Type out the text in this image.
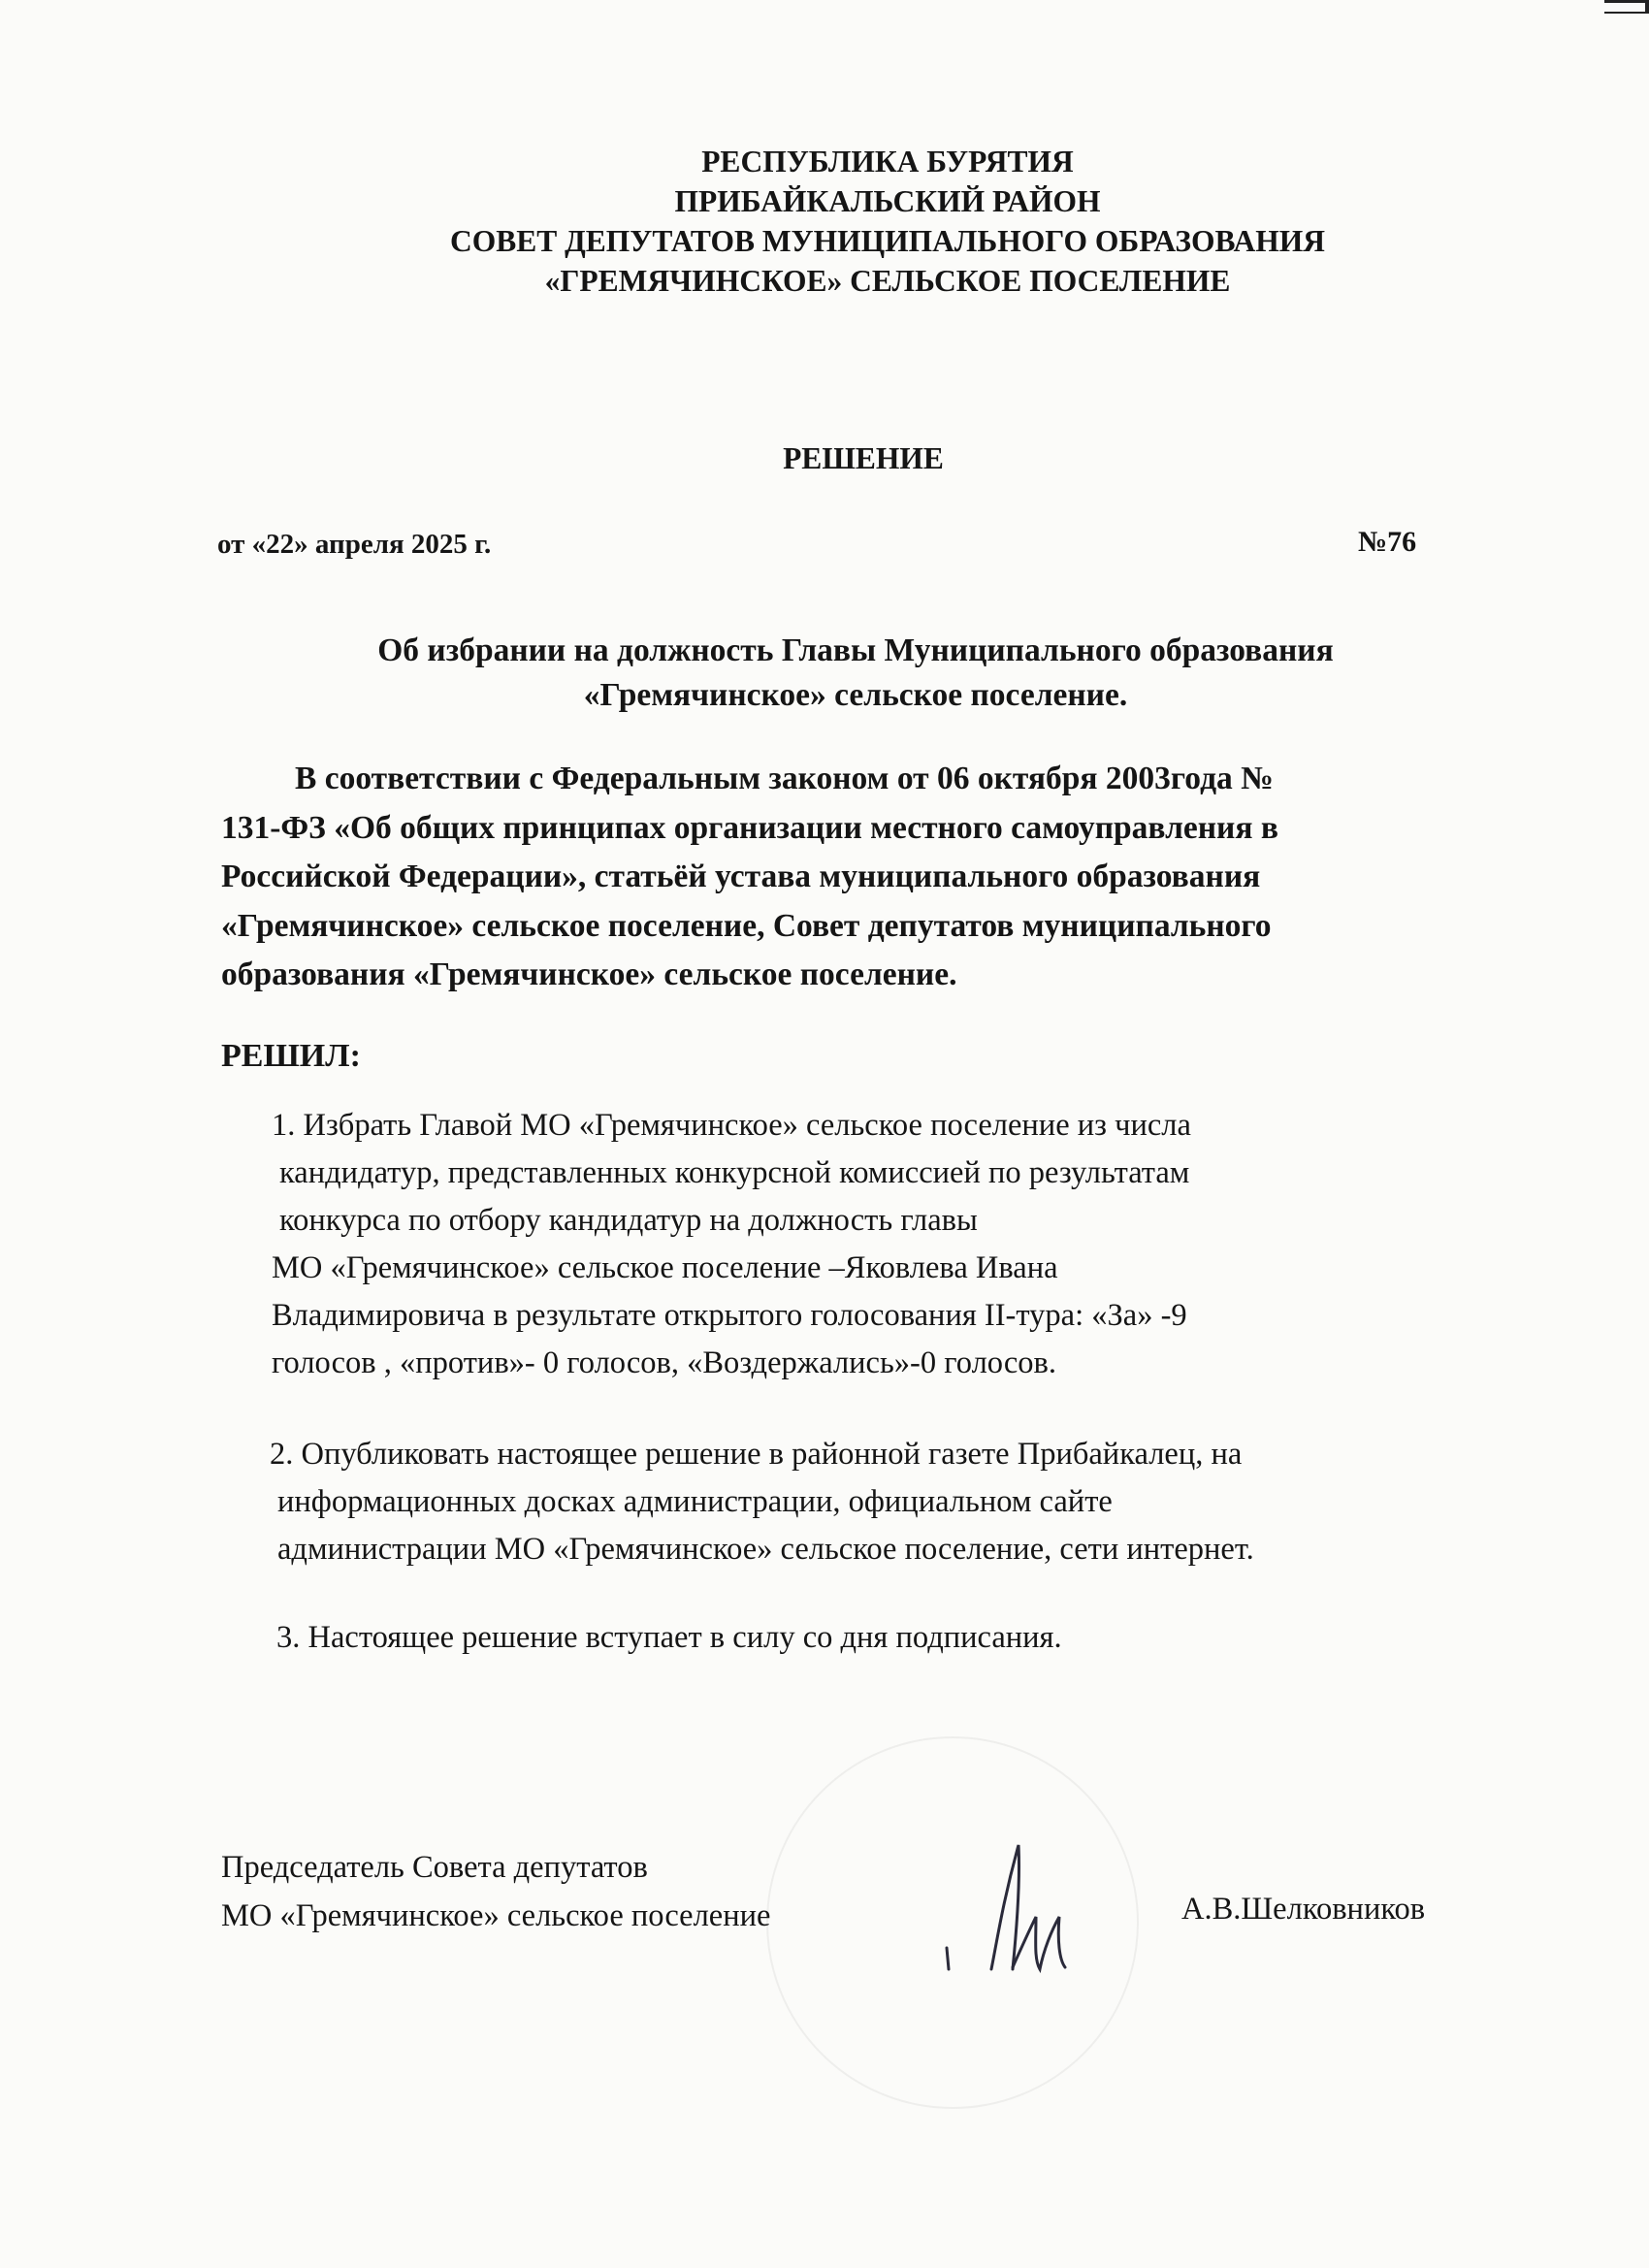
РЕСПУБЛИКА БУРЯТИЯ
ПРИБАЙКАЛЬСКИЙ РАЙОН
СОВЕТ ДЕПУТАТОВ МУНИЦИПАЛЬНОГО ОБРАЗОВАНИЯ
«ГРЕМЯЧИНСКОЕ» СЕЛЬСКОЕ ПОСЕЛЕНИЕ
РЕШЕНИЕ
от «22» апреля 2025 г.	№76
Об избрании на должность Главы Муниципального образования
«Гремячинское» сельское поселение.
В соответствии с Федеральным законом от 06 октября 2003года №
131-ФЗ «Об общих принципах организации местного самоуправления в
Российской Федерации», статьёй устава муниципального образования
«Гремячинское» сельское поселение, Совет депутатов муниципального
образования «Гремячинское» сельское поселение.
РЕШИЛ:
1. Избрать Главой МО «Гремячинское» сельское поселение из числа
кандидатур, представленных конкурсной комиссией по результатам
конкурса по отбору кандидатур на должность главы
МО «Гремячинское» сельское поселение –Яковлева Ивана
Владимировича в результате открытого голосования II-тура: «За» -9
голосов , «против»- 0 голосов, «Воздержались»-0 голосов.
2. Опубликовать настоящее решение в районной газете Прибайкалец, на
информационных досках администрации, официальном сайте
администрации МО «Гремячинское» сельское поселение, сети интернет.
3. Настоящее решение вступает в силу со дня подписания.
Председатель Совета депутатов
МО «Гремячинское» сельское поселение	А.В.Шелковников
